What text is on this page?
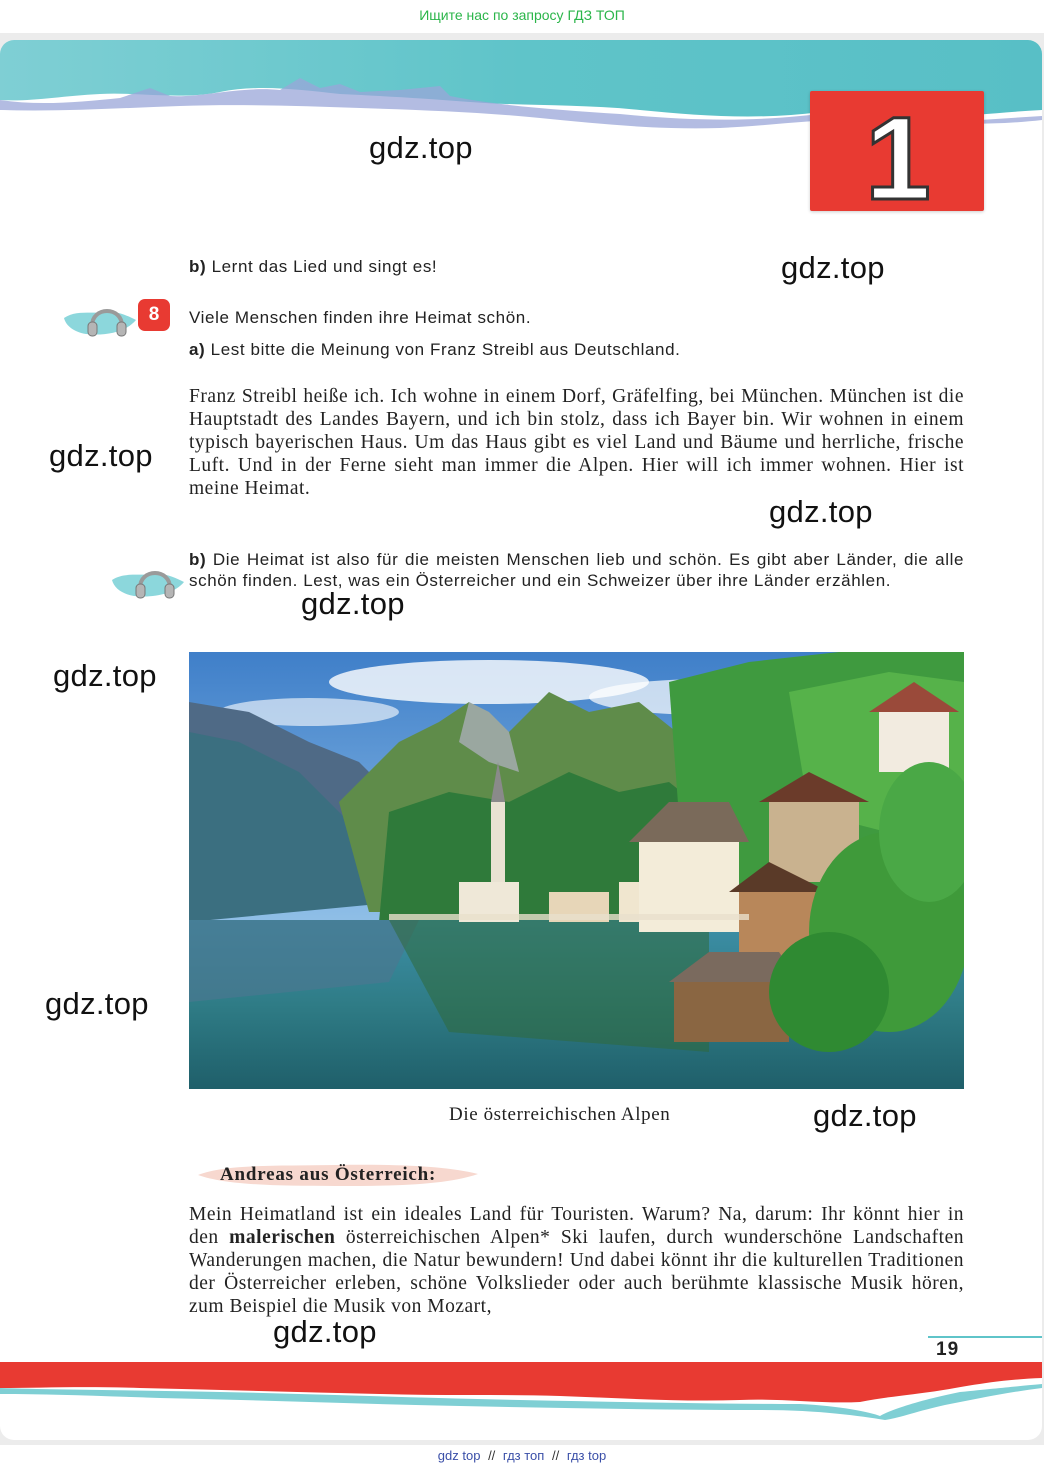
Ищите нас по запросу ГДЗ ТОП
1
gdz.top
gdz.top
b) Lernt das Lied und singt es!
8	Viele Menschen finden ihre Heimat schön.
a) Lest bitte die Meinung von Franz Streibl aus Deutschland.
Franz Streibl heiße ich. Ich wohne in einem Dorf, Gräfelfing, bei München. München ist die Hauptstadt des Landes Bayern, und ich bin stolz, dass ich Bayer bin. Wir wohnen in einem typisch bayerischen Haus. Um das Haus gibt es viel Land und Bäume und herrliche, frische Luft. Und in der Ferne sieht man immer die Alpen. Hier will ich immer wohnen. Hier ist meine Heimat.
gdz.top
gdz.top
b) Die Heimat ist also für die meisten Menschen lieb und schön. Es gibt aber Länder, die alle schön finden. Lest, was ein Österreicher und ein Schweizer über ihre Länder erzählen.
gdz.top
gdz.top
Die österreichischen Alpen	gdz.top
gdz.top
Andreas aus Österreich:
Mein Heimatland ist ein ideales Land für Touristen. Warum? Na, darum: Ihr könnt hier in den malerischen österreichischen Alpen* Ski laufen, durch wunderschöne Landschaften Wanderungen machen, die Natur bewundern! Und dabei könnt ihr die kulturellen Traditionen der Österreicher erleben, schöne Volkslieder oder auch berühmte klassische Musik hören, zum Beispiel die Musik von Mozart,
gdz.top
19
gdz top // гдз топ // гдз top
